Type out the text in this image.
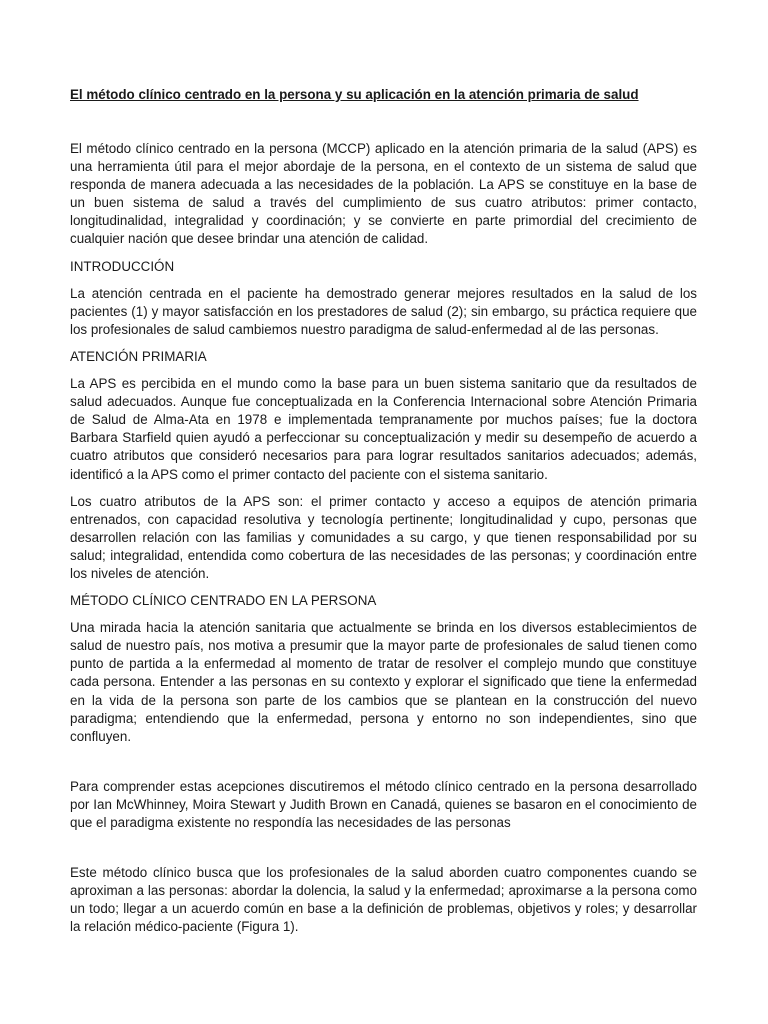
El método clínico centrado en la persona y su aplicación en la atención primaria de salud

El método clínico centrado en la persona (MCCP) aplicado en la atención primaria de la salud (APS) es una herramienta útil para el mejor abordaje de la persona, en el contexto de un sistema de salud que responda de manera adecuada a las necesidades de la población. La APS se constituye en la base de un buen sistema de salud a través del cumplimiento de sus cuatro atributos: primer contacto, longitudinalidad, integralidad y coordinación; y se convierte en parte primordial del crecimiento de cualquier nación que desee brindar una atención de calidad.

INTRODUCCIÓN

La atención centrada en el paciente ha demostrado generar mejores resultados en la salud de los pacientes (1) y mayor satisfacción en los prestadores de salud (2); sin embargo, su práctica requiere que los profesionales de salud cambiemos nuestro paradigma de salud-enfermedad al de las personas.

ATENCIÓN PRIMARIA

La APS es percibida en el mundo como la base para un buen sistema sanitario que da resultados de salud adecuados. Aunque fue conceptualizada en la Conferencia Internacional sobre Atención Primaria de Salud de Alma-Ata en 1978 e implementada tempranamente por muchos países; fue la doctora Barbara Starfield quien ayudó a perfeccionar su conceptualización y medir su desempeño de acuerdo a cuatro atributos que consideró necesarios para para lograr resultados sanitarios adecuados; además, identificó a la APS como el primer contacto del paciente con el sistema sanitario.

Los cuatro atributos de la APS son: el primer contacto y acceso a equipos de atención primaria entrenados, con capacidad resolutiva y tecnología pertinente; longitudinalidad y cupo, personas que desarrollen relación con las familias y comunidades a su cargo, y que tienen responsabilidad por su salud; integralidad, entendida como cobertura de las necesidades de las personas; y coordinación entre los niveles de atención.

MÉTODO CLÍNICO CENTRADO EN LA PERSONA

Una mirada hacia la atención sanitaria que actualmente se brinda en los diversos establecimientos de salud de nuestro país, nos motiva a presumir que la mayor parte de profesionales de salud tienen como punto de partida a la enfermedad al momento de tratar de resolver el complejo mundo que constituye cada persona. Entender a las personas en su contexto y explorar el significado que tiene la enfermedad en la vida de la persona son parte de los cambios que se plantean en la construcción del nuevo paradigma; entendiendo que la enfermedad, persona y entorno no son independientes, sino que confluyen.

Para comprender estas acepciones discutiremos el método clínico centrado en la persona desarrollado por Ian McWhinney, Moira Stewart y Judith Brown en Canadá, quienes se basaron en el conocimiento de que el paradigma existente no respondía las necesidades de las personas

Este método clínico busca que los profesionales de la salud aborden cuatro componentes cuando se aproximan a las personas: abordar la dolencia, la salud y la enfermedad; aproximarse a la persona como un todo; llegar a un acuerdo común en base a la definición de problemas, objetivos y roles; y desarrollar la relación médico-paciente (Figura 1).
